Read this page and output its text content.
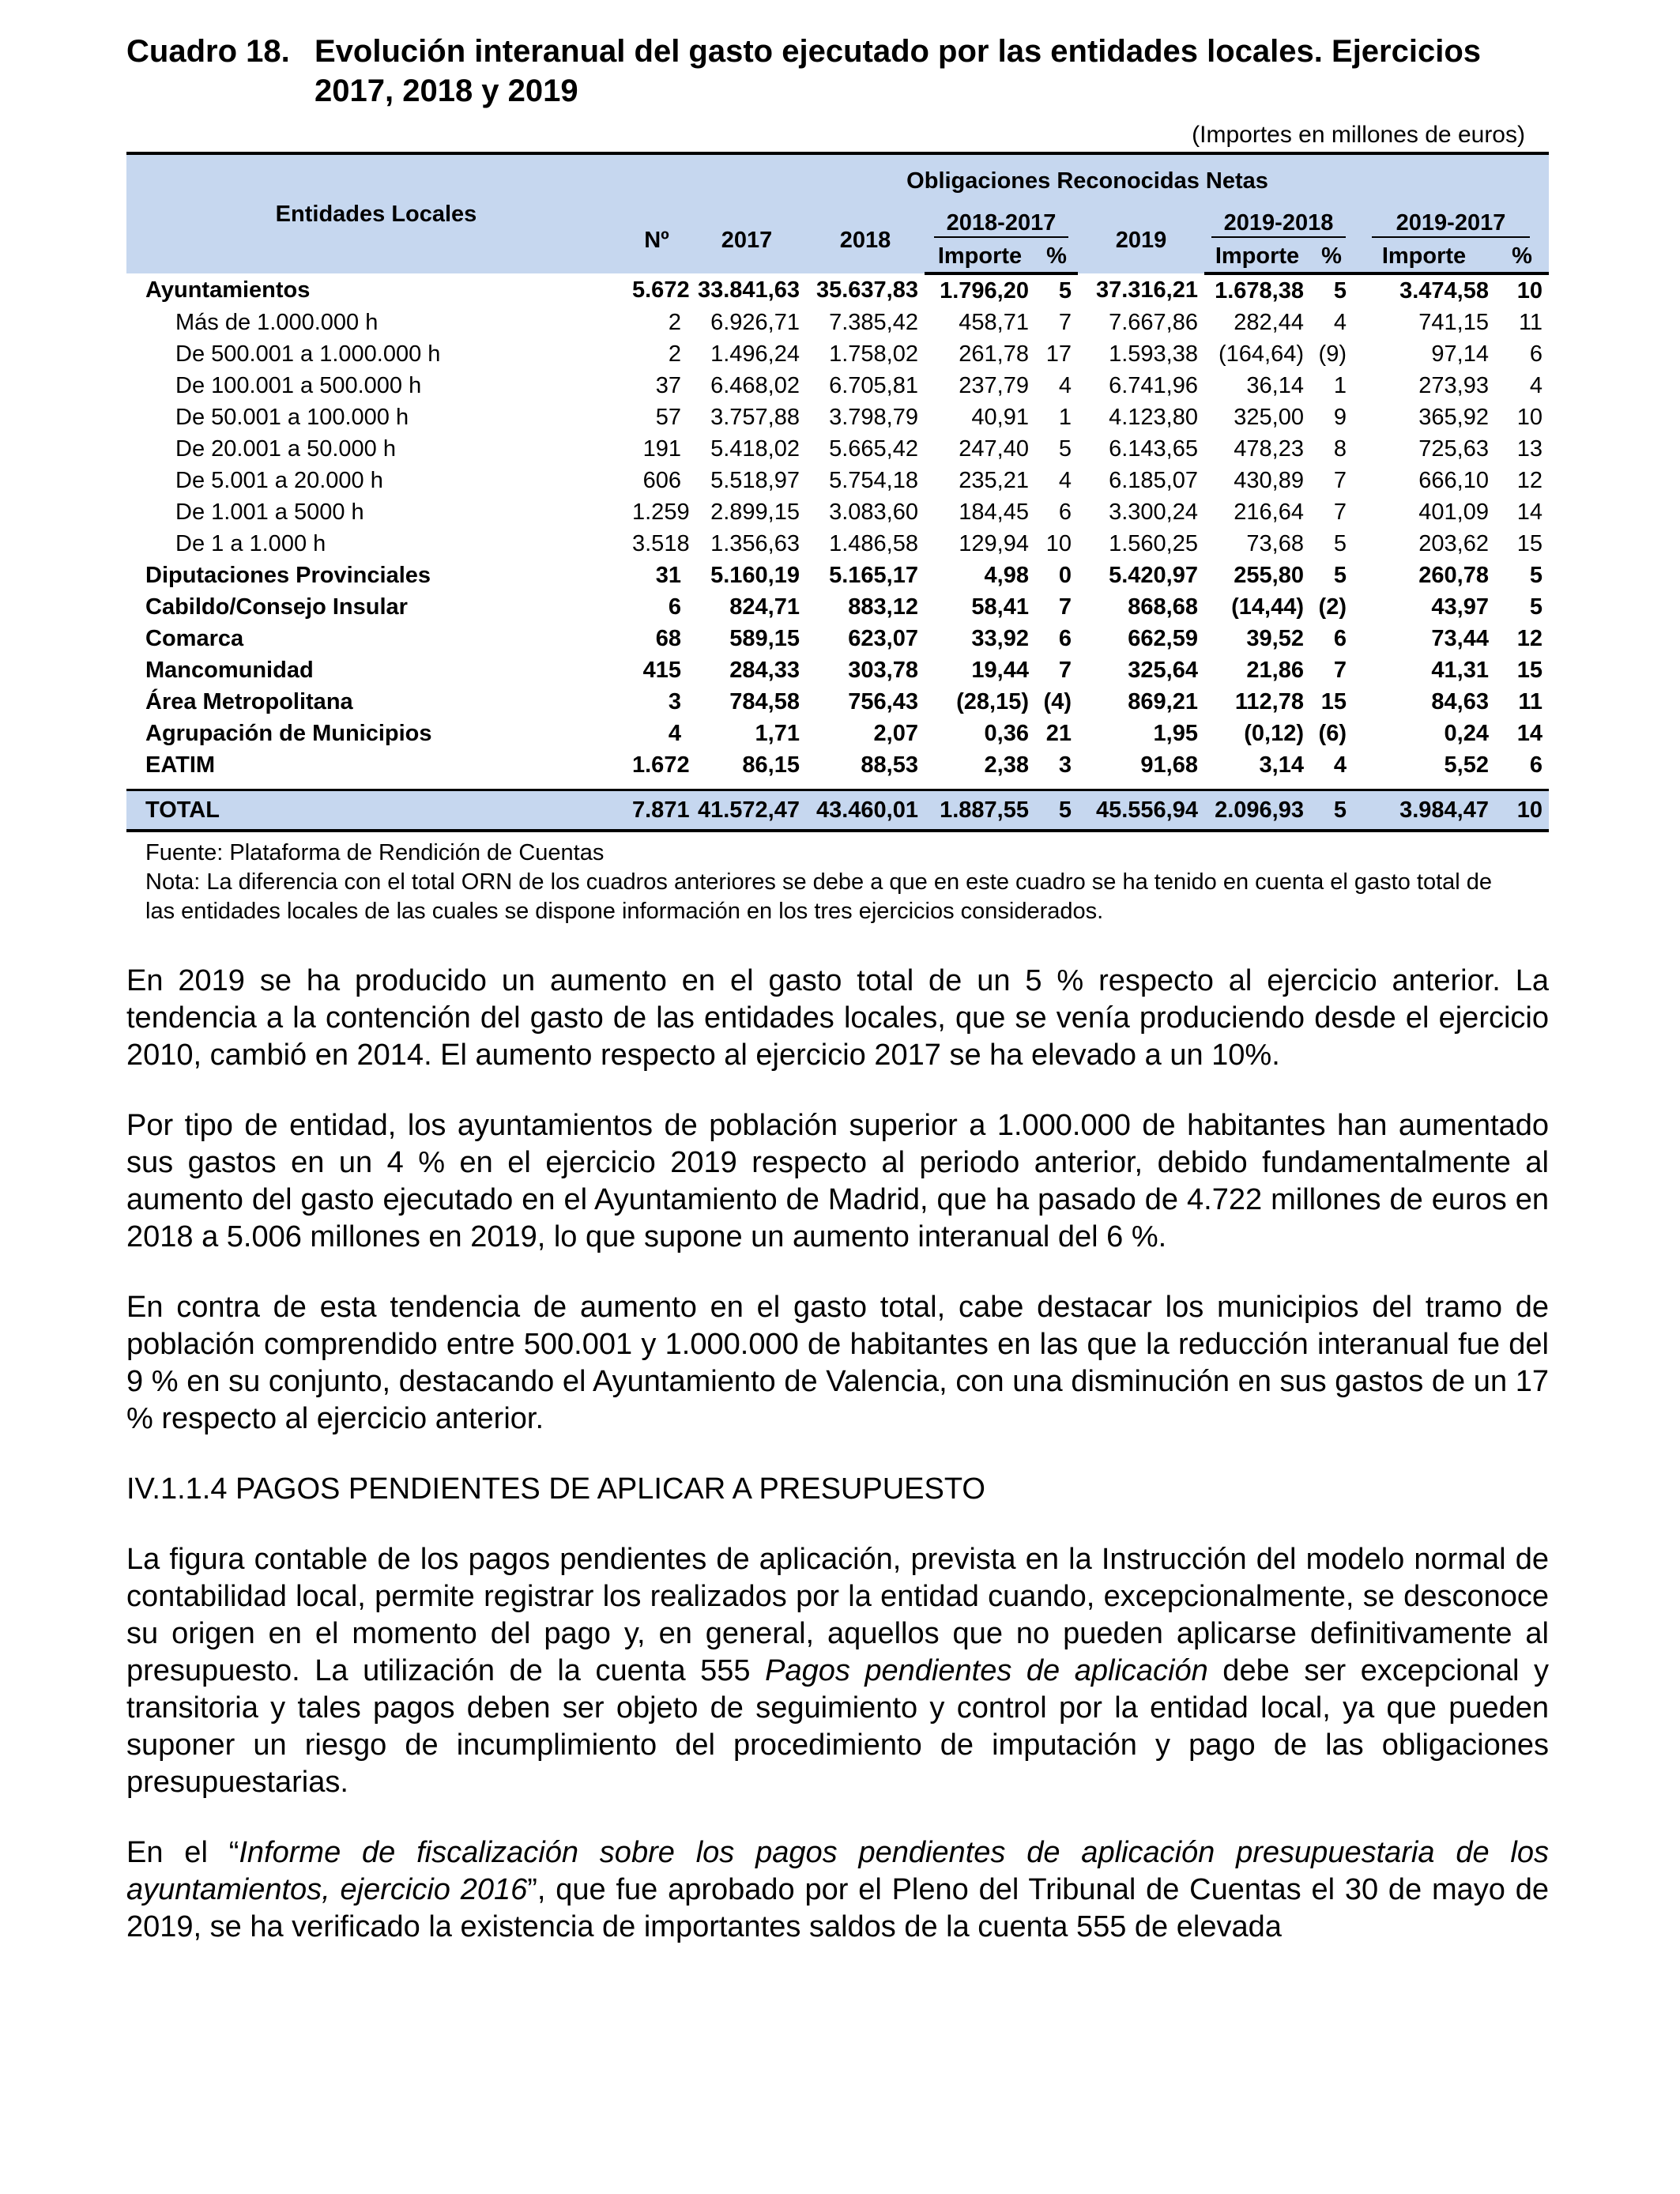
Cuadro 18. Evolución interanual del gasto ejecutado por las entidades locales. Ejercicios 2017, 2018 y 2019
(Importes en millones de euros)
Entidades Locales	Obligaciones Reconocidas Netas									
	Nº	2017	2018	2018-2017		2019	2019-2018		2019-2017	
				Importe	%		Importe	%	Importe	%
Ayuntamientos	5.672	33.841,63	35.637,83	1.796,20	5	37.316,21	1.678,38	5	3.474,58	10
Más de 1.000.000 h	2	6.926,71	7.385,42	458,71	7	7.667,86	282,44	4	741,15	11
De 500.001 a 1.000.000 h	2	1.496,24	1.758,02	261,78	17	1.593,38	(164,64)	(9)	97,14	6
De 100.001 a 500.000 h	37	6.468,02	6.705,81	237,79	4	6.741,96	36,14	1	273,93	4
De 50.001 a 100.000 h	57	3.757,88	3.798,79	40,91	1	4.123,80	325,00	9	365,92	10
De 20.001 a 50.000 h	191	5.418,02	5.665,42	247,40	5	6.143,65	478,23	8	725,63	13
De 5.001 a 20.000 h	606	5.518,97	5.754,18	235,21	4	6.185,07	430,89	7	666,10	12
De 1.001 a 5000 h	1.259	2.899,15	3.083,60	184,45	6	3.300,24	216,64	7	401,09	14
De 1 a 1.000 h	3.518	1.356,63	1.486,58	129,94	10	1.560,25	73,68	5	203,62	15
Diputaciones Provinciales	31	5.160,19	5.165,17	4,98	0	5.420,97	255,80	5	260,78	5
Cabildo/Consejo Insular	6	824,71	883,12	58,41	7	868,68	(14,44)	(2)	43,97	5
Comarca	68	589,15	623,07	33,92	6	662,59	39,52	6	73,44	12
Mancomunidad	415	284,33	303,78	19,44	7	325,64	21,86	7	41,31	15
Área Metropolitana	3	784,58	756,43	(28,15)	(4)	869,21	112,78	15	84,63	11
Agrupación de Municipios	4	1,71	2,07	0,36	21	1,95	(0,12)	(6)	0,24	14
EATIM	1.672	86,15	88,53	2,38	3	91,68	3,14	4	5,52	6

TOTAL	7.871	41.572,47	43.460,01	1.887,55	5	45.556,94	2.096,93	5	3.984,47	10
Fuente: Plataforma de Rendición de Cuentas
Nota: La diferencia con el total ORN de los cuadros anteriores se debe a que en este cuadro se ha tenido en cuenta el gasto total de las entidades locales de las cuales se dispone información en los tres ejercicios considerados.

En 2019 se ha producido un aumento en el gasto total de un 5 % respecto al ejercicio anterior. La tendencia a la contención del gasto de las entidades locales, que se venía produciendo desde el ejercicio 2010, cambió en 2014. El aumento respecto al ejercicio 2017 se ha elevado a un 10%.

Por tipo de entidad, los ayuntamientos de población superior a 1.000.000 de habitantes han aumentado sus gastos en un 4 % en el ejercicio 2019 respecto al periodo anterior, debido fundamentalmente al aumento del gasto ejecutado en el Ayuntamiento de Madrid, que ha pasado de 4.722 millones de euros en 2018 a 5.006 millones en 2019, lo que supone un aumento interanual del 6 %.

En contra de esta tendencia de aumento en el gasto total, cabe destacar los municipios del tramo de población comprendido entre 500.001 y 1.000.000 de habitantes en las que la reducción interanual fue del 9 % en su conjunto, destacando el Ayuntamiento de Valencia, con una disminución en sus gastos de un 17 % respecto al ejercicio anterior.

IV.1.1.4 PAGOS PENDIENTES DE APLICAR A PRESUPUESTO

La figura contable de los pagos pendientes de aplicación, prevista en la Instrucción del modelo normal de contabilidad local, permite registrar los realizados por la entidad cuando, excepcionalmente, se desconoce su origen en el momento del pago y, en general, aquellos que no pueden aplicarse definitivamente al presupuesto. La utilización de la cuenta 555 Pagos pendientes de aplicación debe ser excepcional y transitoria y tales pagos deben ser objeto de seguimiento y control por la entidad local, ya que pueden suponer un riesgo de incumplimiento del procedimiento de imputación y pago de las obligaciones presupuestarias.

En el “Informe de fiscalización sobre los pagos pendientes de aplicación presupuestaria de los ayuntamientos, ejercicio 2016”, que fue aprobado por el Pleno del Tribunal de Cuentas el 30 de mayo de 2019, se ha verificado la existencia de importantes saldos de la cuenta 555 de elevada
